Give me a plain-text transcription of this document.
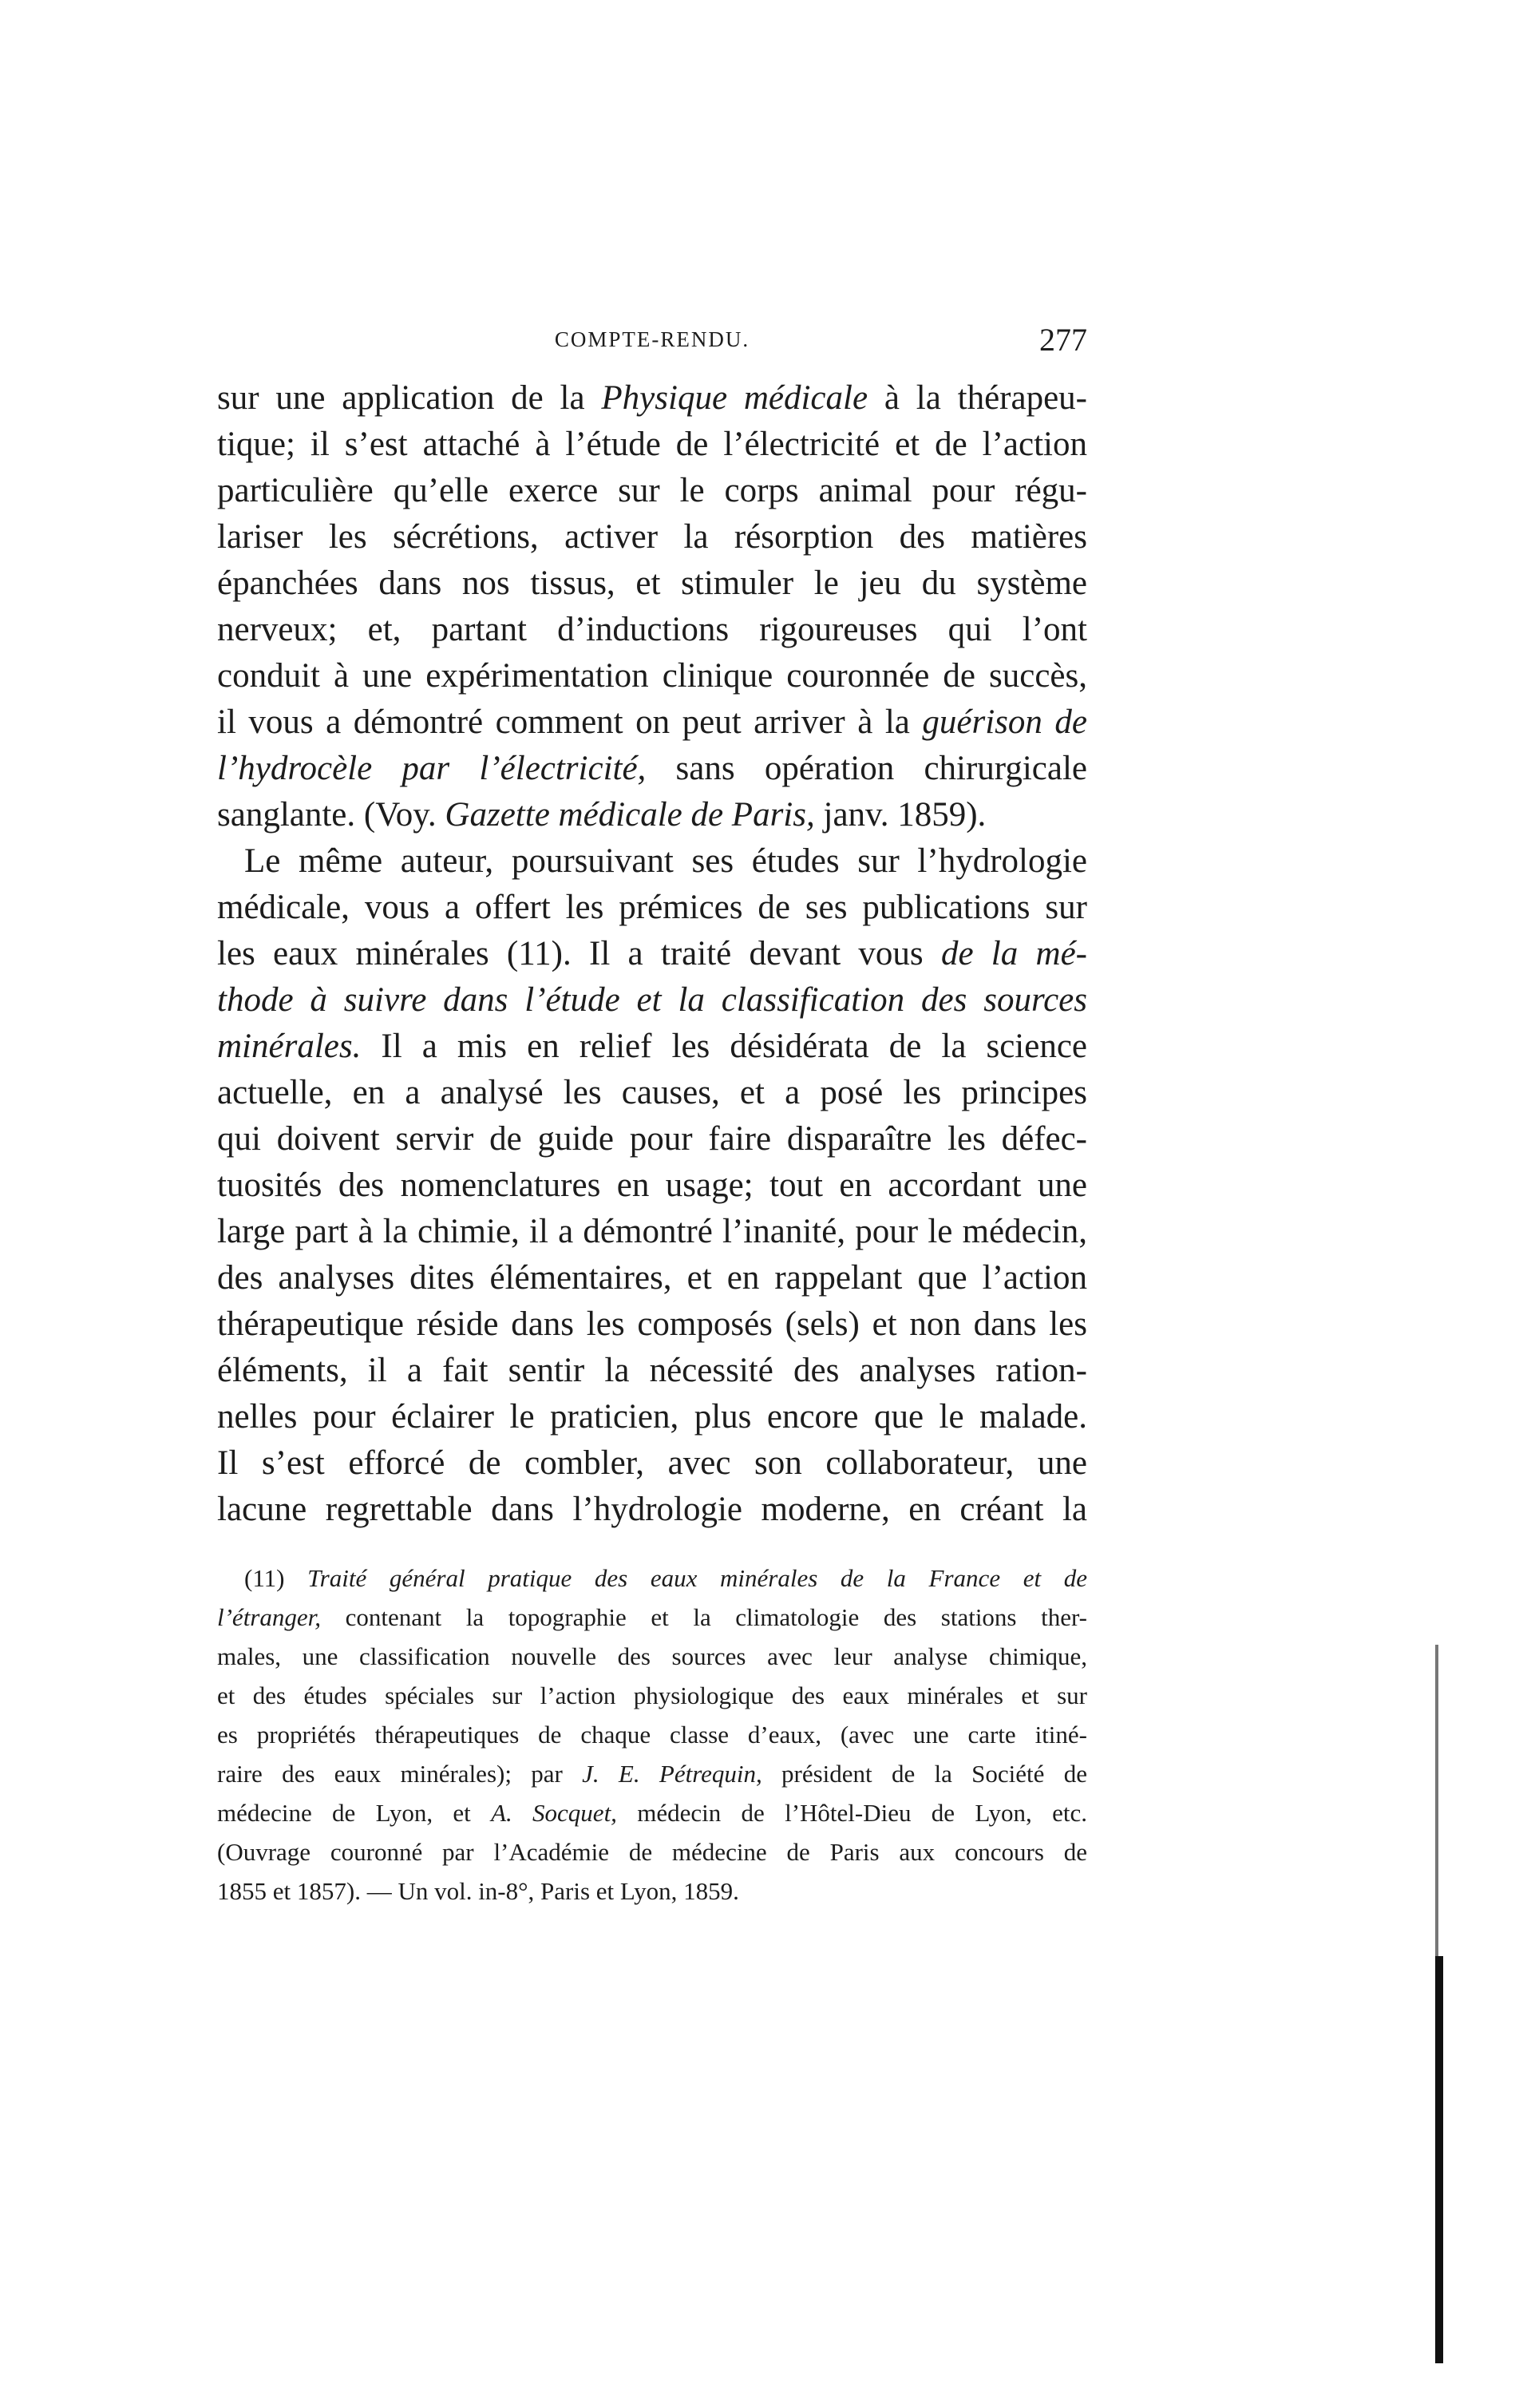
COMPTE-RENDU.	277
sur une application de la Physique médicale à la thérapeu-
tique; il s’est attaché à l’étude de l’électricité et de l’action
particulière qu’elle exerce sur le corps animal pour régu-
lariser les sécrétions, activer la résorption des matières
épanchées dans nos tissus, et stimuler le jeu du système
nerveux; et, partant d’inductions rigoureuses qui l’ont
conduit à une expérimentation clinique couronnée de succès,
il vous a démontré comment on peut arriver à la guérison de
l’hydrocèle par l’électricité, sans opération chirurgicale
sanglante. (Voy. Gazette médicale de Paris, janv. 1859).
Le même auteur, poursuivant ses études sur l’hydrologie
médicale, vous a offert les prémices de ses publications sur
les eaux minérales (11). Il a traité devant vous de la mé-
thode à suivre dans l’étude et la classification des sources
minérales. Il a mis en relief les désidérata de la science
actuelle, en a analysé les causes, et a posé les principes
qui doivent servir de guide pour faire disparaître les défec-
tuosités des nomenclatures en usage; tout en accordant une
large part à la chimie, il a démontré l’inanité, pour le médecin,
des analyses dites élémentaires, et en rappelant que l’action
thérapeutique réside dans les composés (sels) et non dans les
éléments, il a fait sentir la nécessité des analyses ration-
nelles pour éclairer le praticien, plus encore que le malade.
Il s’est efforcé de combler, avec son collaborateur, une
lacune regrettable dans l’hydrologie moderne, en créant la
(11) Traité général pratique des eaux minérales de la France et de
l’étranger, contenant la topographie et la climatologie des stations ther-
males, une classification nouvelle des sources avec leur analyse chimique,
et des études spéciales sur l’action physiologique des eaux minérales et sur
es propriétés thérapeutiques de chaque classe d’eaux, (avec une carte itiné-
raire des eaux minérales); par J. E. Pétrequin, président de la Société de
médecine de Lyon, et A. Socquet, médecin de l’Hôtel-Dieu de Lyon, etc.
(Ouvrage couronné par l’Académie de médecine de Paris aux concours de
1855 et 1857). — Un vol. in-8°, Paris et Lyon, 1859.
